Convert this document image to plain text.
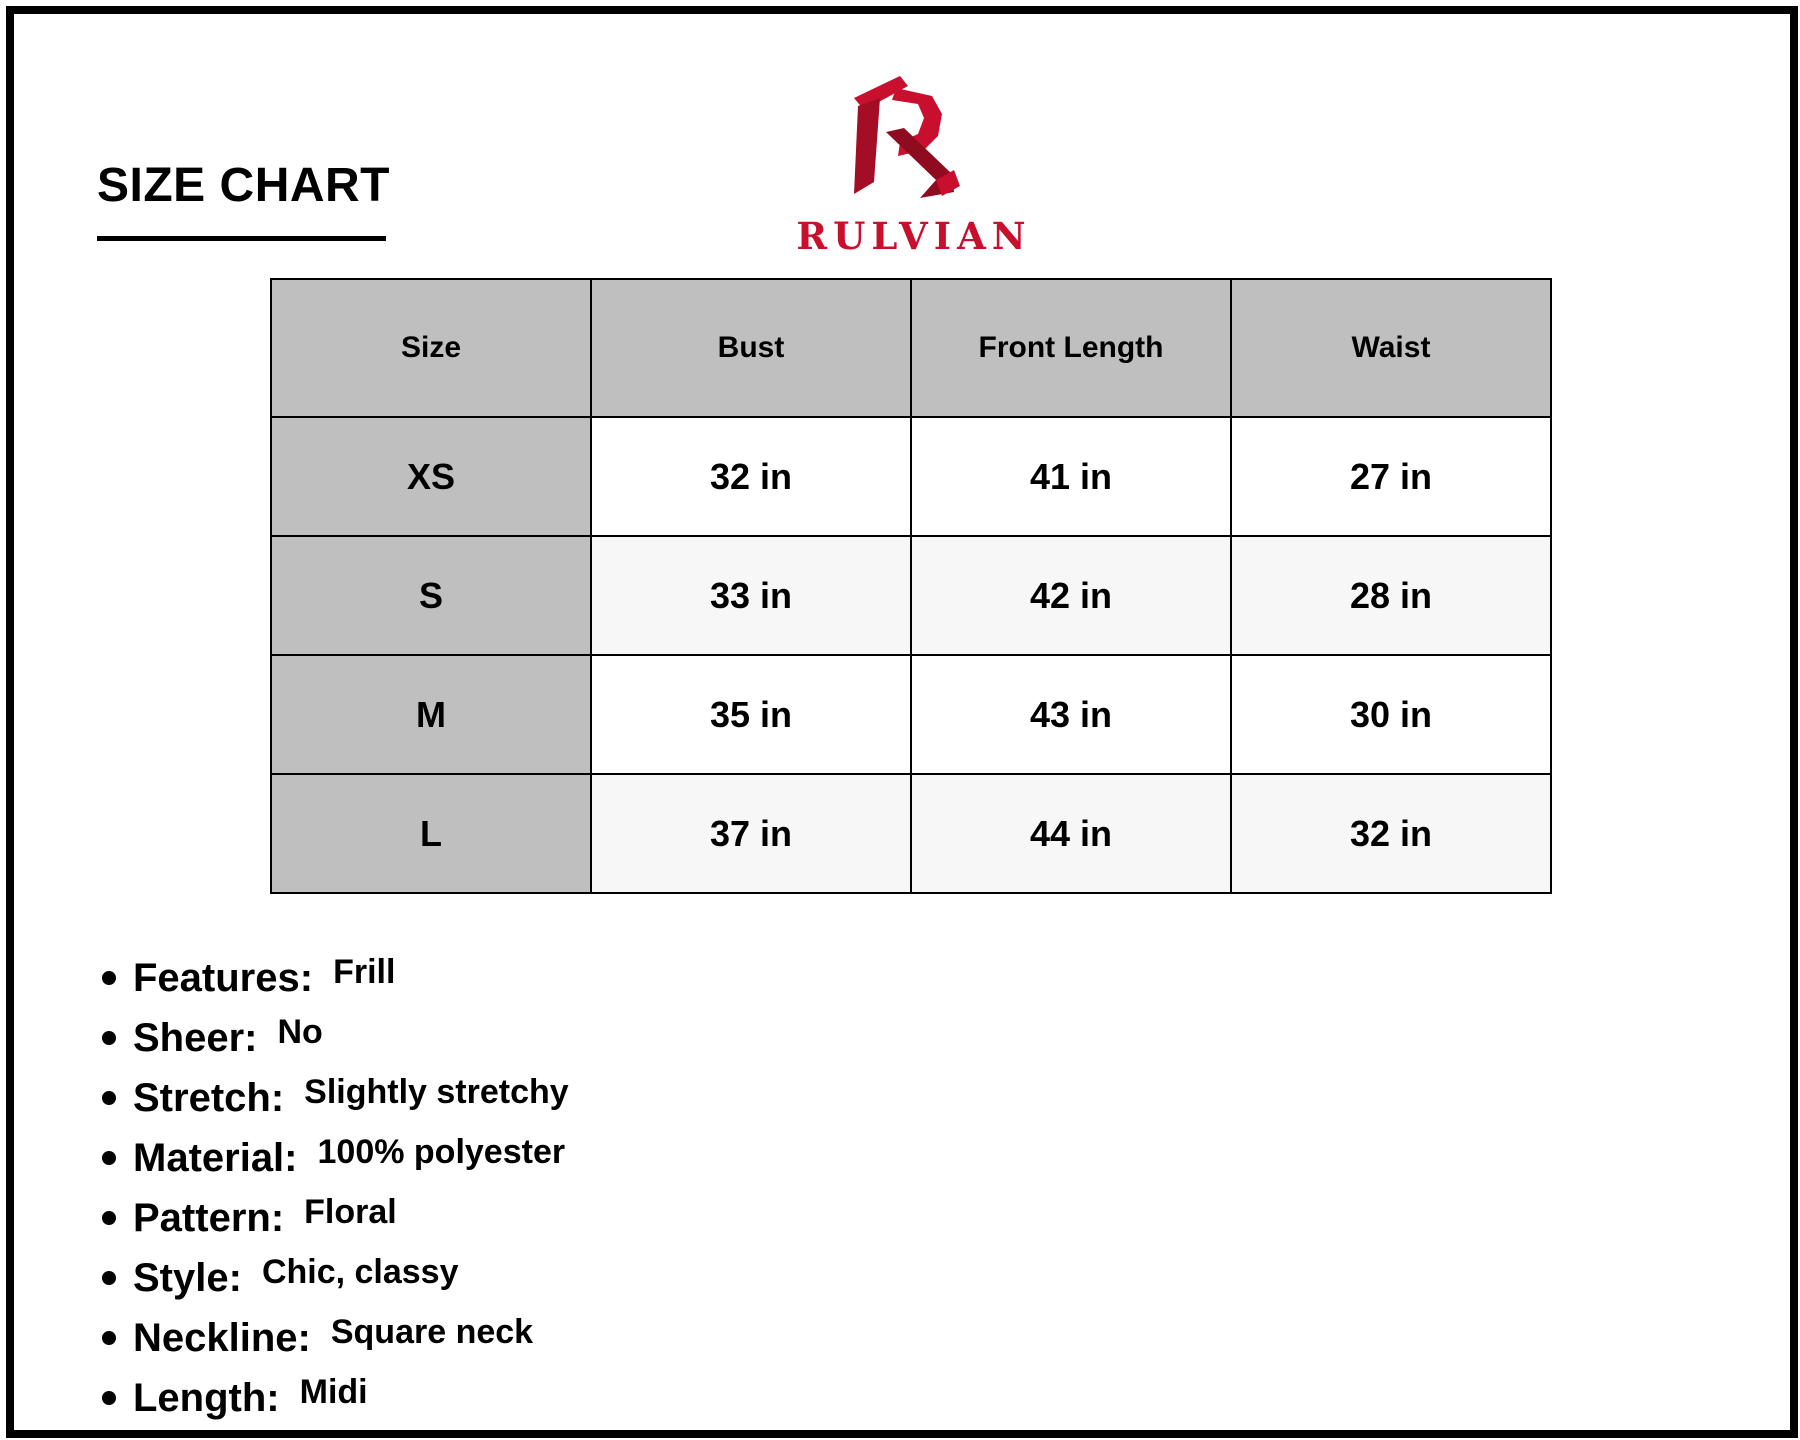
SIZE CHART
RULVIAN
Size	Bust	Front Length	Waist
XS	32 in	41 in	27 in
S	33 in	42 in	28 in
M	35 in	43 in	30 in
L	37 in	44 in	32 in
Features: Frill
Sheer: No
Stretch: Slightly stretchy
Material: 100% polyester
Pattern: Floral
Style: Chic, classy
Neckline: Square neck
Length: Midi
